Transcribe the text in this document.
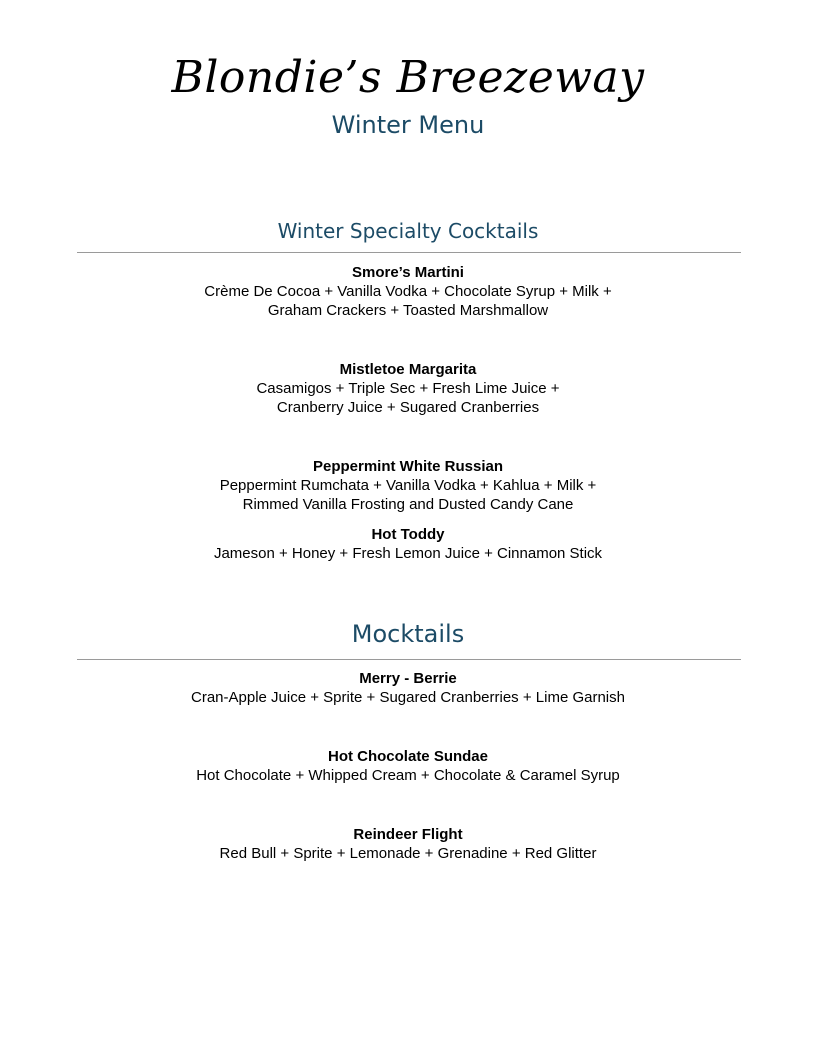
Blondie’s Breezeway
Winter Menu
Winter Specialty Cocktails
Smore’s Martini
Crème De Cocoa + Vanilla Vodka + Chocolate Syrup + Milk +
Graham Crackers + Toasted Marshmallow
Mistletoe Margarita
Casamigos + Triple Sec + Fresh Lime Juice +
Cranberry Juice + Sugared Cranberries
Peppermint White Russian
Peppermint Rumchata + Vanilla Vodka + Kahlua + Milk +
Rimmed Vanilla Frosting and Dusted Candy Cane
Hot Toddy
Jameson + Honey + Fresh Lemon Juice + Cinnamon Stick
Mocktails
Merry - Berrie
Cran-Apple Juice + Sprite + Sugared Cranberries + Lime Garnish
Hot Chocolate Sundae
Hot Chocolate + Whipped Cream + Chocolate & Caramel Syrup
Reindeer Flight
Red Bull + Sprite + Lemonade + Grenadine + Red Glitter
